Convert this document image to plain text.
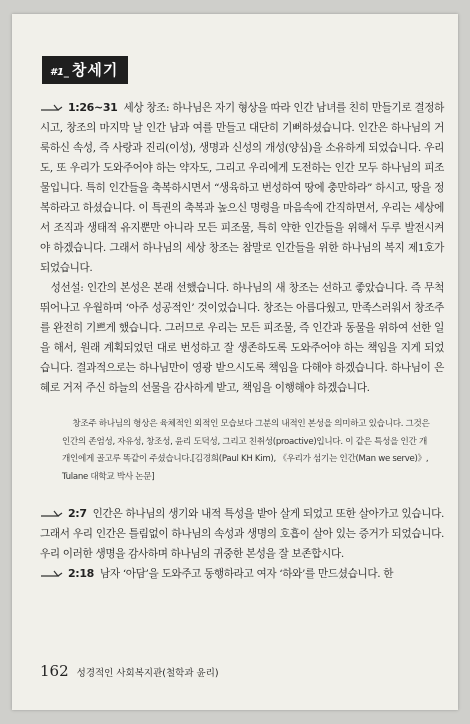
#1_ 창세기

1:26~31 세상 창조: 하나님은 자기 형상을 따라 인간 남녀를 친히 만들기로 결정하시고, 창조의 마지막 날 인간 남과 여를 만들고 대단히 기뻐하셨습니다. 인간은 하나님의 거룩하신 속성, 즉 사랑과 진리(이성), 생명과 신성의 개성(양심)을 소유하게 되었습니다. 우리도, 또 우리가 도와주어야 하는 약자도, 그리고 우리에게 도전하는 인간 모두 하나님의 피조물입니다. 특히 인간들을 축복하시면서 “생육하고 번성하여 땅에 충만하라” 하시고, 땅을 정복하라고 하셨습니다. 이 특권의 축복과 높으신 명령을 마음속에 간직하면서, 우리는 세상에서 조직과 생태적 유지뿐만 아니라 모든 피조물, 특히 약한 인간들을 위해서 두루 발전시켜야 하겠습니다. 그래서 하나님의 세상 창조는 참말로 인간들을 위한 하나님의 복지 제1호가 되었습니다.

성선설: 인간의 본성은 본래 선했습니다. 하나님의 새 창조는 선하고 좋았습니다. 즉 무척 뛰어나고 우월하며 ‘아주 성공적인’ 것이었습니다. 창조는 아름다웠고, 만족스러워서 창조주를 완전히 기쁘게 했습니다. 그러므로 우리는 모든 피조물, 즉 인간과 동물을 위하여 선한 일을 해서, 원래 계획되었던 대로 번성하고 잘 생존하도록 도와주어야 하는 책임을 지게 되었습니다. 결과적으로는 하나님만이 영광 받으시도록 책임을 다해야 하겠습니다. 하나님이 은혜로 거저 주신 하늘의 선물을 감사하게 받고, 책임을 이행해야 하겠습니다.

창조주 하나님의 형상은 육체적인 외적인 모습보다 그분의 내적인 본성을 의미하고 있습니다. 그것은 인간의 존엄성, 자유성, 창조성, 윤리 도덕성, 그리고 친취성(proactive)입니다. 이 같은 특성을 인간 개개인에게 골고루 똑같이 주셨습니다.[김경희(Paul KH Kim), 《우리가 섬기는 인간(Man we serve)》, Tulane 대학교 박사 논문]

2:7 인간은 하나님의 생기와 내적 특성을 받아 살게 되었고 또한 살아가고 있습니다. 그래서 우리 인간은 틀림없이 하나님의 속성과 생명의 호흡이 살아 있는 증거가 되었습니다. 우리 이러한 생명을 감사하며 하나님의 귀중한 본성을 잘 보존합시다.

2:18 남자 ‘아담’을 도와주고 동행하라고 여자 ‘하와’를 만드셨습니다. 한

162 성경적인 사회복지관(철학과 윤리)
